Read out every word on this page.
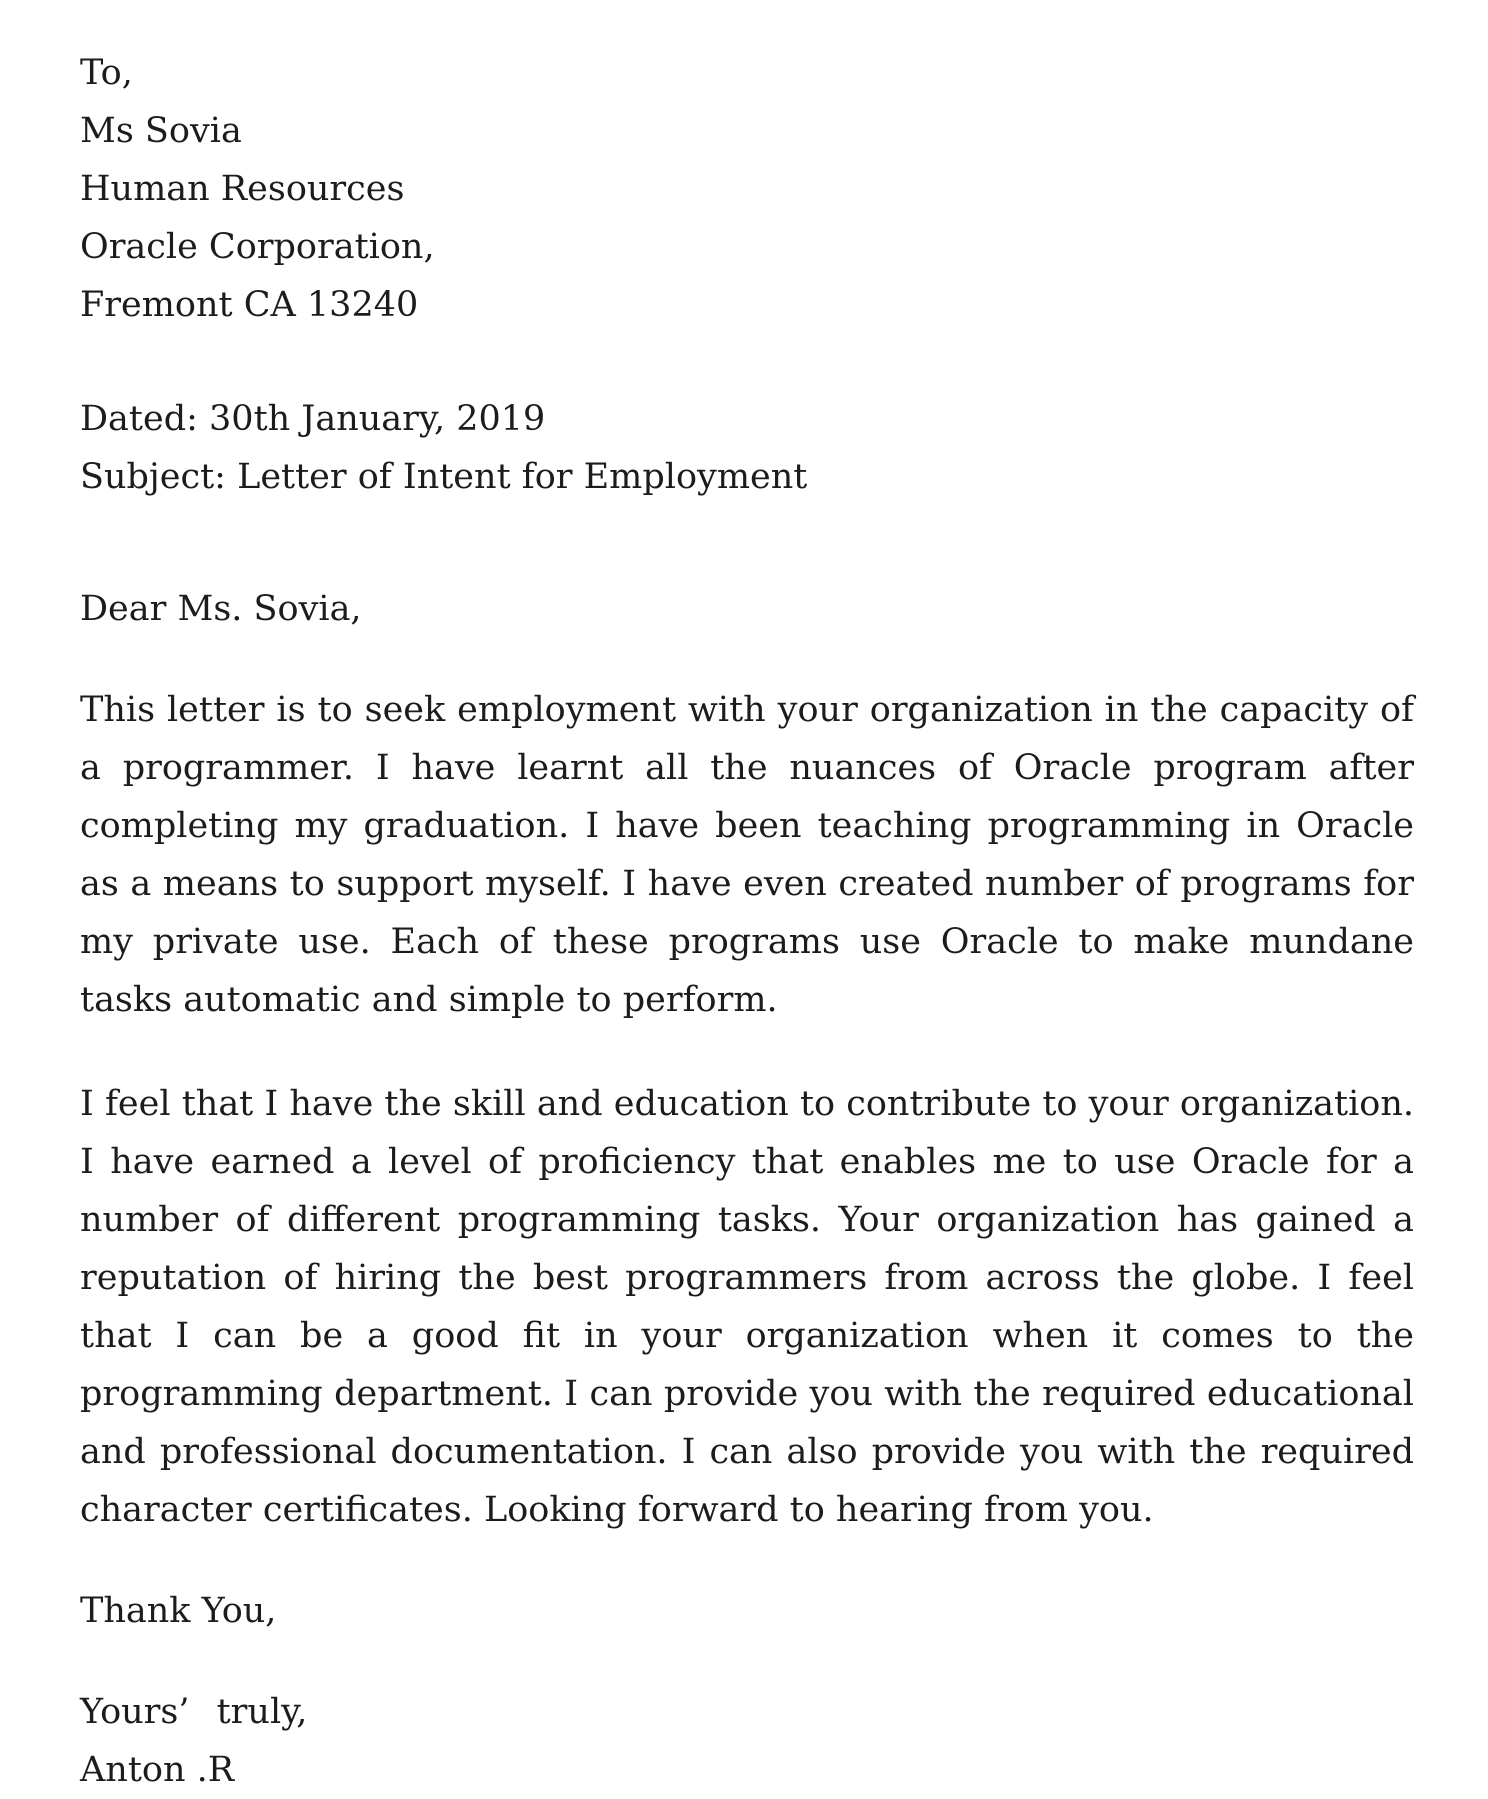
To,
Ms Sovia
Human Resources
Oracle Corporation,
Fremont CA 13240
Dated: 30th January, 2019
Subject: Letter of Intent for Employment
Dear Ms. Sovia,

This letter is to seek employment with your organization in the capacity of a programmer. I have learnt all the nuances of Oracle program after completing my graduation. I have been teaching programming in Oracle as a means to support myself. I have even created number of programs for my private use. Each of these programs use Oracle to make mundane tasks automatic and simple to perform.

I feel that I have the skill and education to contribute to your organization. I have earned a level of proficiency that enables me to use Oracle for a number of different programming tasks. Your organization has gained a reputation of hiring the best programmers from across the globe. I feel that I can be a good fit in your organization when it comes to the programming department. I can provide you with the required educational and professional documentation. I can also provide you with the required character certificates. Looking forward to hearing from you.

Thank You,
Yours’ truly,
Anton .R
